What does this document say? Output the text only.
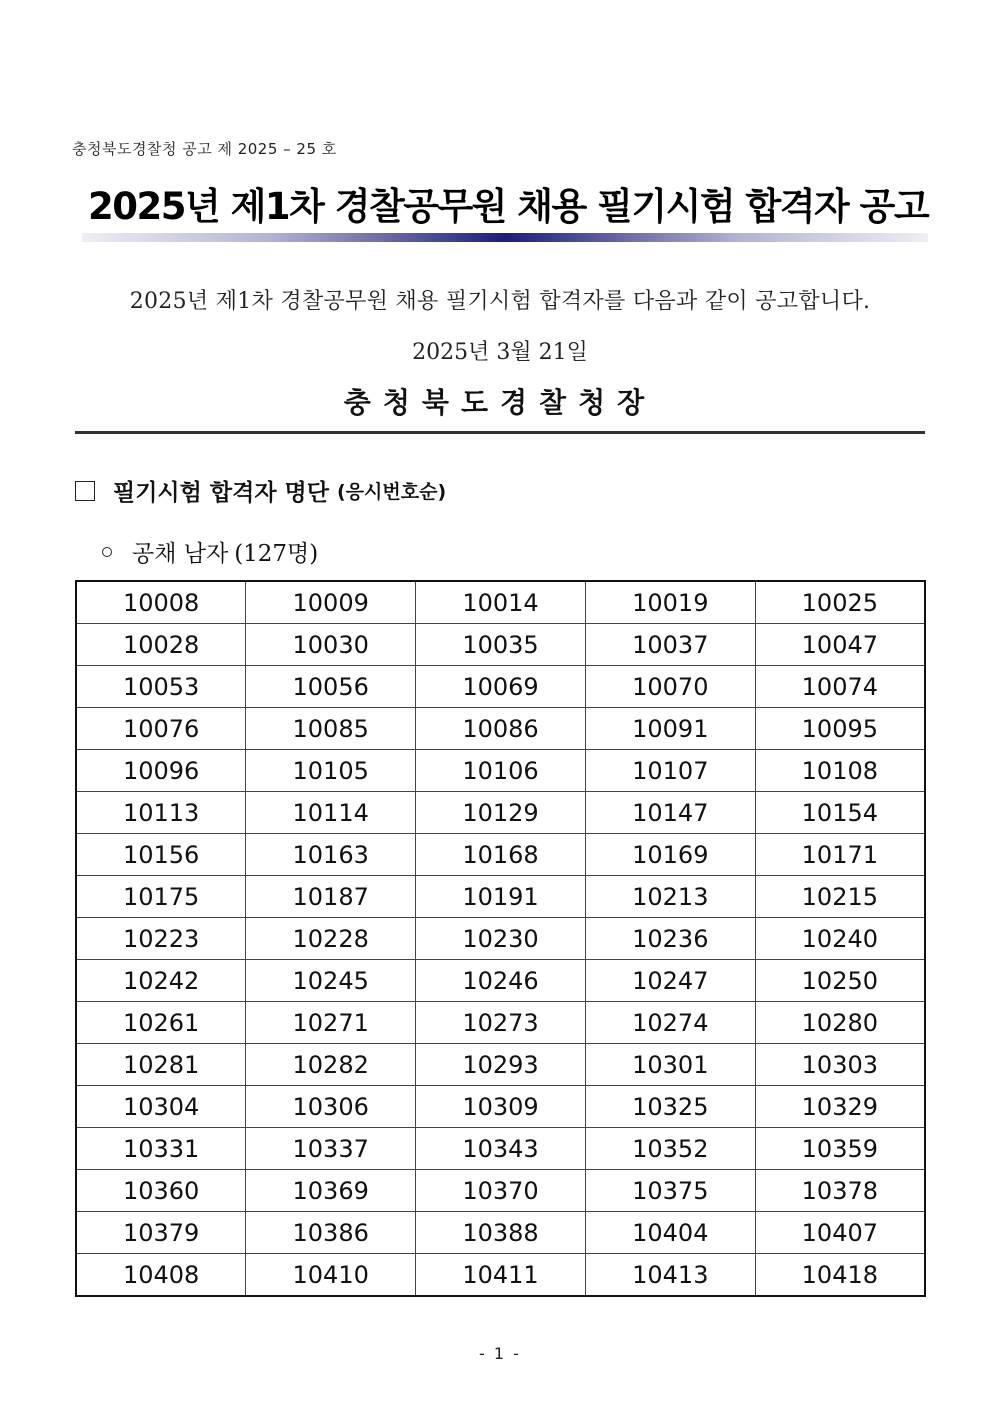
충청북도경찰청 공고 제 2025 – 25 호
2025년 제1차 경찰공무원 채용 필기시험 합격자 공고
2025년 제1차 경찰공무원 채용 필기시험 합격자를 다음과 같이 공고합니다.
2025년 3월 21일
충청북도경찰청장
필기시험 합격자 명단 (응시번호순)
공채 남자 (127명)
10008	10009	10014	10019	10025
10028	10030	10035	10037	10047
10053	10056	10069	10070	10074
10076	10085	10086	10091	10095
10096	10105	10106	10107	10108
10113	10114	10129	10147	10154
10156	10163	10168	10169	10171
10175	10187	10191	10213	10215
10223	10228	10230	10236	10240
10242	10245	10246	10247	10250
10261	10271	10273	10274	10280
10281	10282	10293	10301	10303
10304	10306	10309	10325	10329
10331	10337	10343	10352	10359
10360	10369	10370	10375	10378
10379	10386	10388	10404	10407
10408	10410	10411	10413	10418
- 1 -
